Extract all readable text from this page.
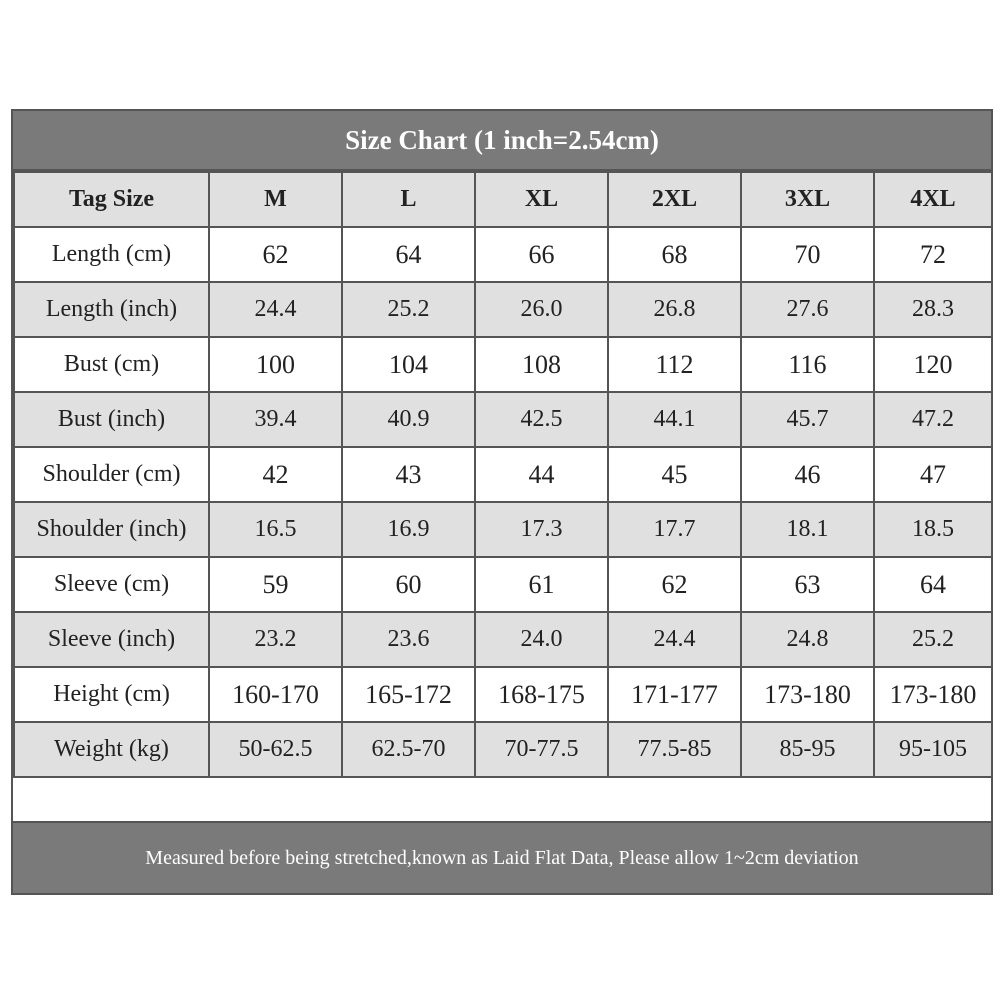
Size Chart (1 inch=2.54cm)
Tag Size	M	L	XL	2XL	3XL	4XL
Length (cm)	62	64	66	68	70	72
Length (inch)	24.4	25.2	26.0	26.8	27.6	28.3
Bust (cm)	100	104	108	112	116	120
Bust (inch)	39.4	40.9	42.5	44.1	45.7	47.2
Shoulder (cm)	42	43	44	45	46	47
Shoulder (inch)	16.5	16.9	17.3	17.7	18.1	18.5
Sleeve (cm)	59	60	61	62	63	64
Sleeve (inch)	23.2	23.6	24.0	24.4	24.8	25.2
Height (cm)	160-170	165-172	168-175	171-177	173-180	173-180
Weight (kg)	50-62.5	62.5-70	70-77.5	77.5-85	85-95	95-105
Measured before being stretched,known as Laid Flat Data, Please allow 1~2cm deviation
